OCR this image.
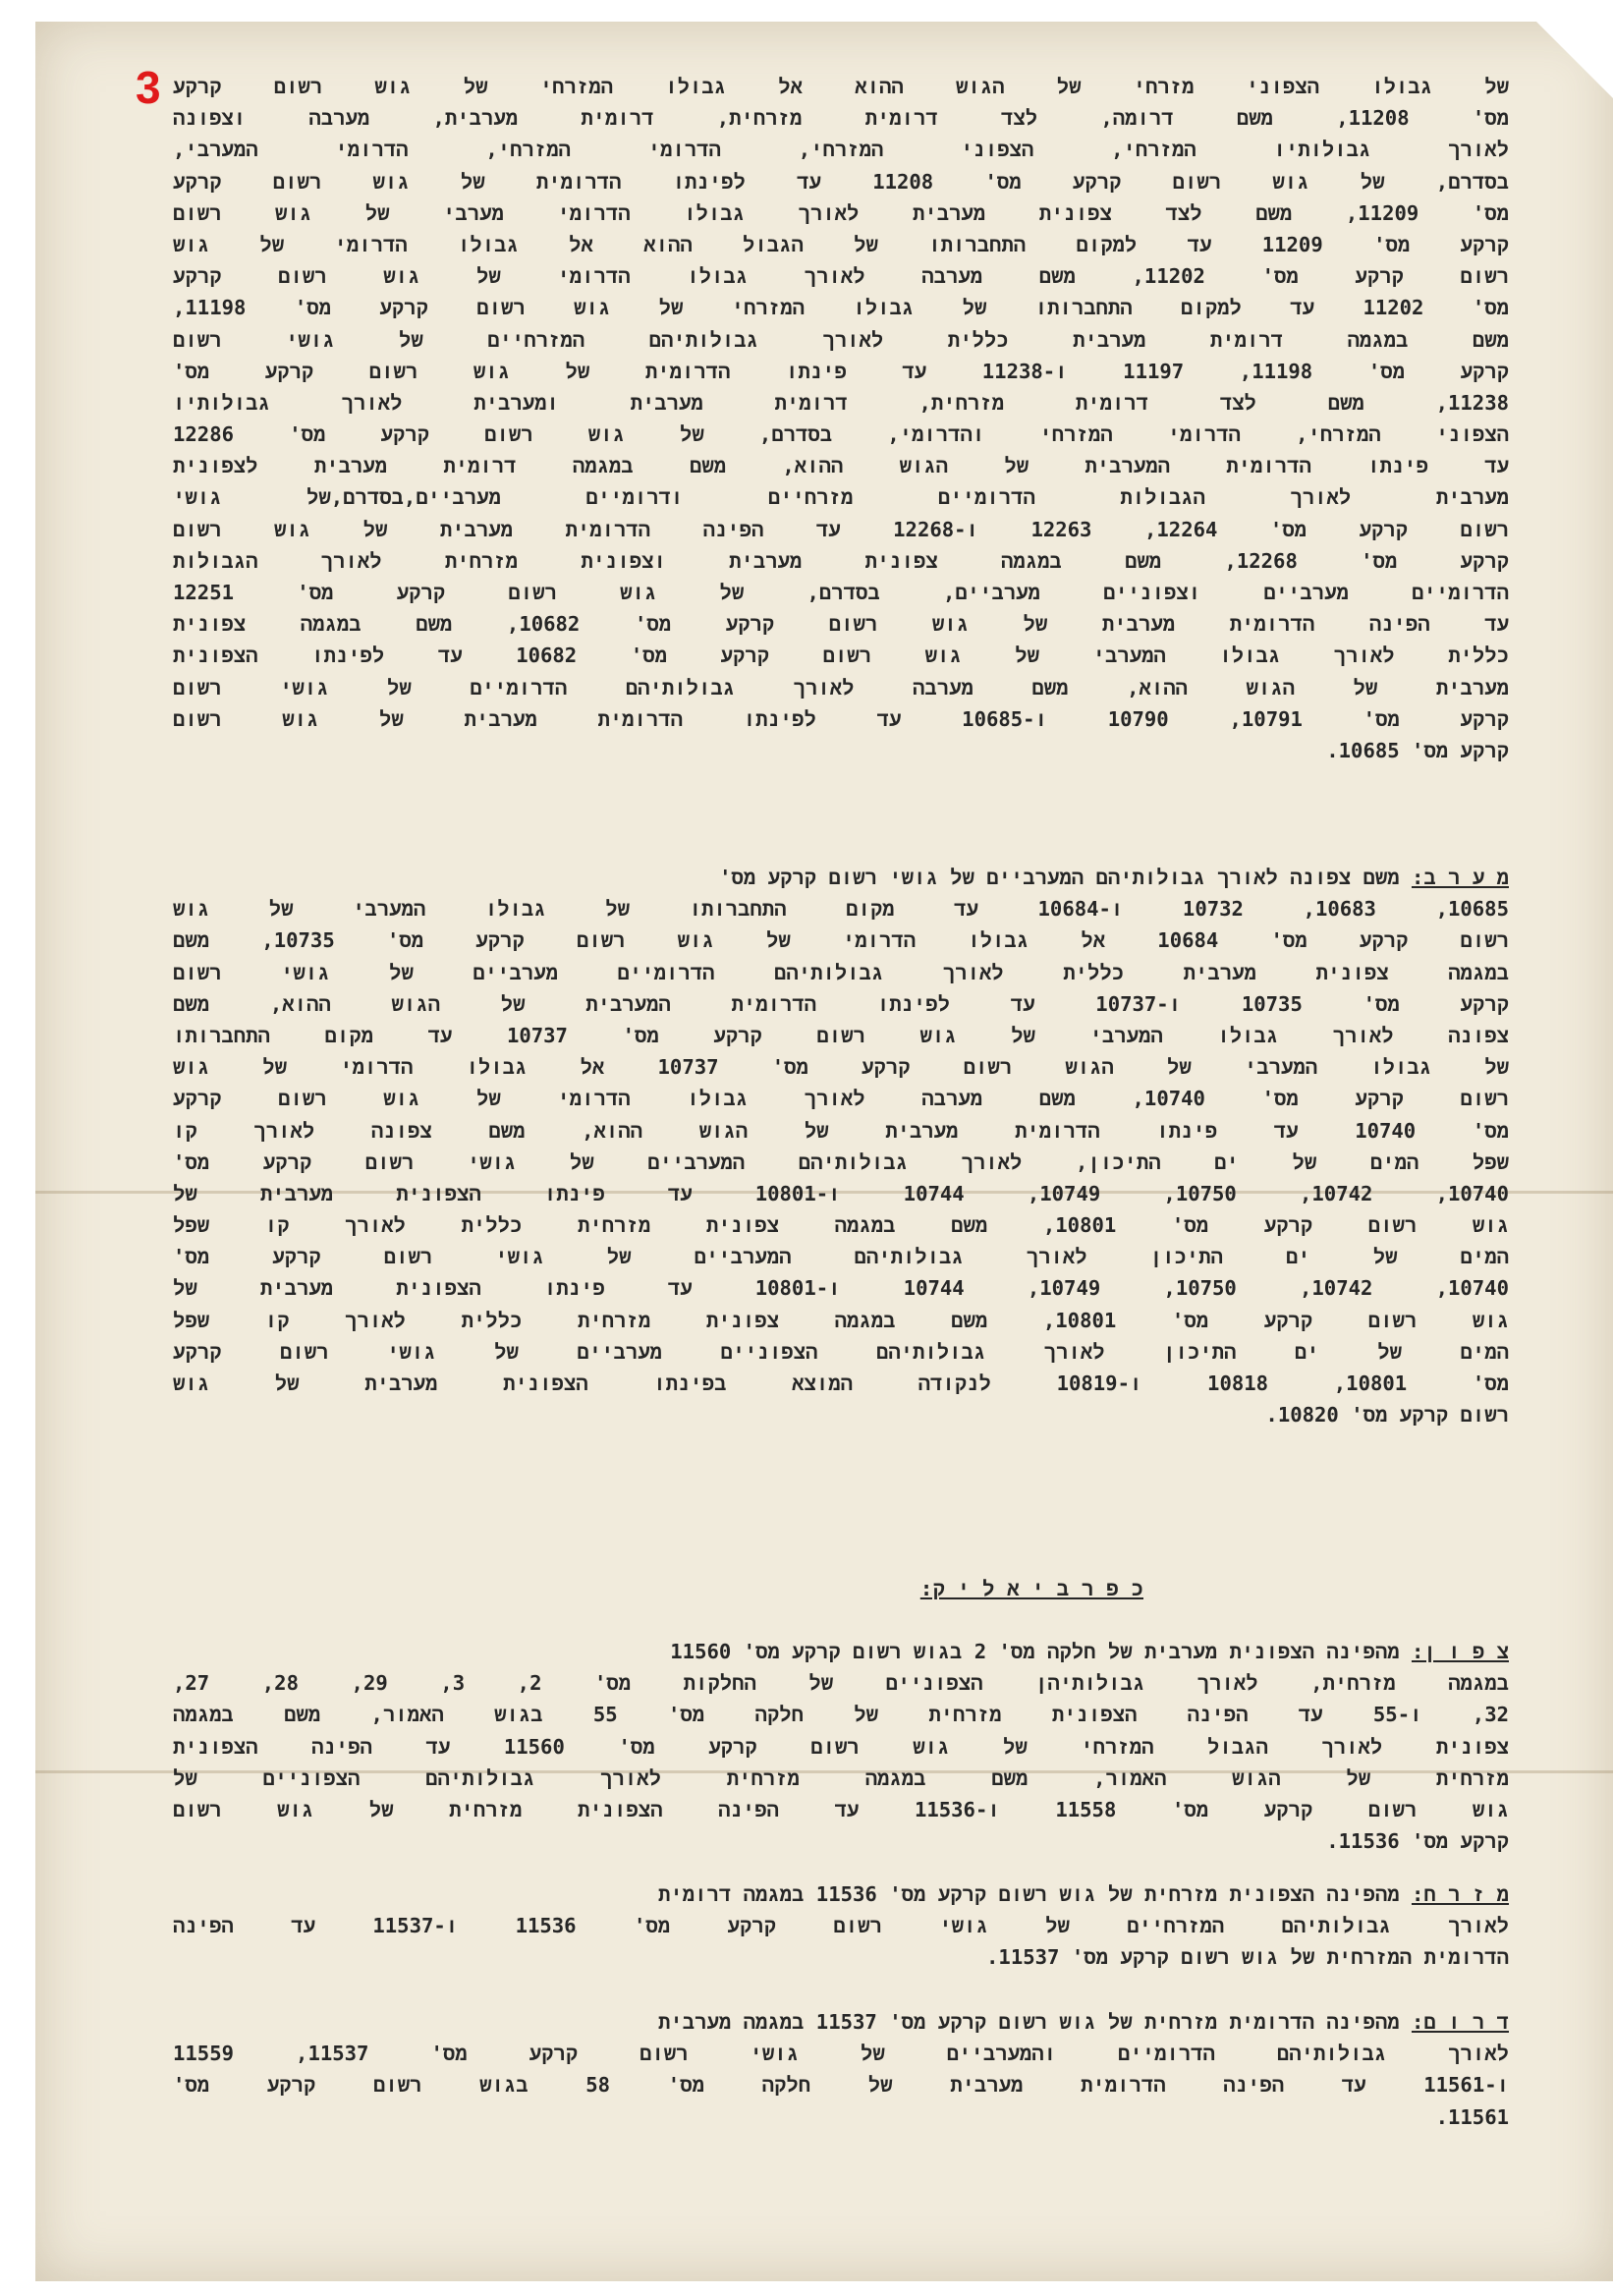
3 של גבולו הצפוני מזרחי של הגוש ההוא אל גבולו המזרחי של גוש רשום קרקע
מס' 11208, משם דרומה, לצד דרומית מזרחית, דרומית מערבית, מערבה וצפונה
לאורך גבולותיו המזרחי, הצפוני המזרחי, הדרומי המזרחי, הדרומי המערבי,
בסדרם, של גוש רשום קרקע מס' 11208 עד לפינתו הדרומית של גוש רשום קרקע
מס' 11209, משם לצד צפונית מערבית לאורך גבולו הדרומי מערבי של גוש רשום
קרקע מס' 11209 עד למקום התחברותו של הגבול ההוא אל גבולו הדרומי של גוש
רשום קרקע מס' 11202, משם מערבה לאורך גבולו הדרומי של גוש רשום קרקע
מס' 11202 עד למקום התחברותו של גבולו המזרחי של גוש רשום קרקע מס' 11198,
משם במגמה דרומית מערבית כללית לאורך גבולותיהם המזרחיים של גושי רשום
קרקע מס' 11198, 11197 ו-11238 עד פינתו הדרומית של גוש רשום קרקע מס'
11238, משם לצד דרומית מזרחית, דרומית מערבית ומערבית לאורך גבולותיו
הצפוני המזרחי, הדרומי המזרחי והדרומי, בסדרם, של גוש רשום קרקע מס' 12286
עד פינתו הדרומית המערבית של הגוש ההוא, משם במגמה דרומית מערבית לצפונית
מערבית לאורך הגבולות הדרומיים מזרחיים ודרומיים מערביים,בסדרם,של גושי
רשום קרקע מס' 12264, 12263 ו-12268 עד הפינה הדרומית מערבית של גוש רשום
קרקע מס' 12268, משם במגמה צפונית מערבית וצפונית מזרחית לאורך הגבולות
הדרומיים מערביים וצפוניים מערביים, בסדרם, של גוש רשום קרקע מס' 12251
עד הפינה הדרומית מערבית של גוש רשום קרקע מס' 10682, משם במגמה צפונית
כללית לאורך גבולו המערבי של גוש רשום קרקע מס' 10682 עד לפינתו הצפונית
מערבית של הגוש ההוא, משם מערבה לאורך גבולותיהם הדרומיים של גושי רשום
קרקע מס' 10791, 10790 ו-10685 עד לפינתו הדרומית מערבית של גוש רשום
קרקע מס' 10685.
מ ע ר ב: משם צפונה לאורך גבולותיהם המערביים של גושי רשום קרקע מס'
10685, 10683, 10732 ו-10684 עד מקום התחברותו של גבולו המערבי של גוש
רשום קרקע מס' 10684 אל גבולו הדרומי של גוש רשום קרקע מס' 10735, משם
במגמה צפונית מערבית כללית לאורך גבולותיהם הדרומיים מערביים של גושי רשום
קרקע מס' 10735 ו-10737 עד לפינתו הדרומית המערבית של הגוש ההוא, משם
צפונה לאורך גבולו המערבי של גוש רשום קרקע מס' 10737 עד מקום התחברותו
של גבולו המערבי של הגוש רשום קרקע מס' 10737 אל גבולו הדרומי של גוש
רשום קרקע מס' 10740, משם מערבה לאורך גבולו הדרומי של גוש רשום קרקע
מס' 10740 עד פינתו הדרומית מערבית של הגוש ההוא, משם צפונה לאורך קו
שפל המים של ים התיכון, לאורך גבולותיהם המערביים של גושי רשום קרקע מס'
10740, 10742, 10750, 10749, 10744 ו-10801 עד פינתו הצפונית מערבית של
גוש רשום קרקע מס' 10801, משם במגמה צפונית מזרחית כללית לאורך קו שפל
המים של ים התיכון לאורך גבולותיהם המערביים של גושי רשום קרקע מס'
10740, 10742, 10750, 10749, 10744 ו-10801 עד פינתו הצפונית מערבית של
גוש רשום קרקע מס' 10801, משם במגמה צפונית מזרחית כללית לאורך קו שפל
המים של ים התיכון לאורך גבולותיהם הצפוניים מערביים של גושי רשום קרקע
מס' 10801, 10818 ו-10819 לנקודה המוצא בפינתו הצפונית מערבית של גוש
רשום קרקע מס' 10820.
כ פ ר ב י א ל י ק:
צ פ ו ן: מהפינה הצפונית מערבית של חלקה מס' 2 בגוש רשום קרקע מס' 11560
במגמה מזרחית, לאורך גבולותיהן הצפוניים של החלקות מס' 2, 3, 29, 28, 27,
32, ו-55 עד הפינה הצפונית מזרחית של חלקה מס' 55 בגוש האמור, משם במגמה
צפונית לאורך הגבול המזרחי של גוש רשום קרקע מס' 11560 עד הפינה הצפונית
מזרחית של הגוש האמור, משם במגמה מזרחית לאורך גבולותיהם הצפוניים של
גוש רשום קרקע מס' 11558 ו-11536 עד הפינה הצפונית מזרחית של גוש רשום
קרקע מס' 11536.
מ ז ר ח: מהפינה הצפונית מזרחית של גוש רשום קרקע מס' 11536 במגמה דרומית
לאורך גבולותיהם המזרחיים של גושי רשום קרקע מס' 11536 ו-11537 עד הפינה
הדרומית המזרחית של גוש רשום קרקע מס' 11537.
ד ר ו ם: מהפינה הדרומית מזרחית של גוש רשום קרקע מס' 11537 במגמה מערבית
לאורך גבולותיהם הדרומיים והמערביים של גושי רשום קרקע מס' 11537, 11559
ו-11561 עד הפינה הדרומית מערבית של חלקה מס' 58 בגוש רשום קרקע מס'
11561.
